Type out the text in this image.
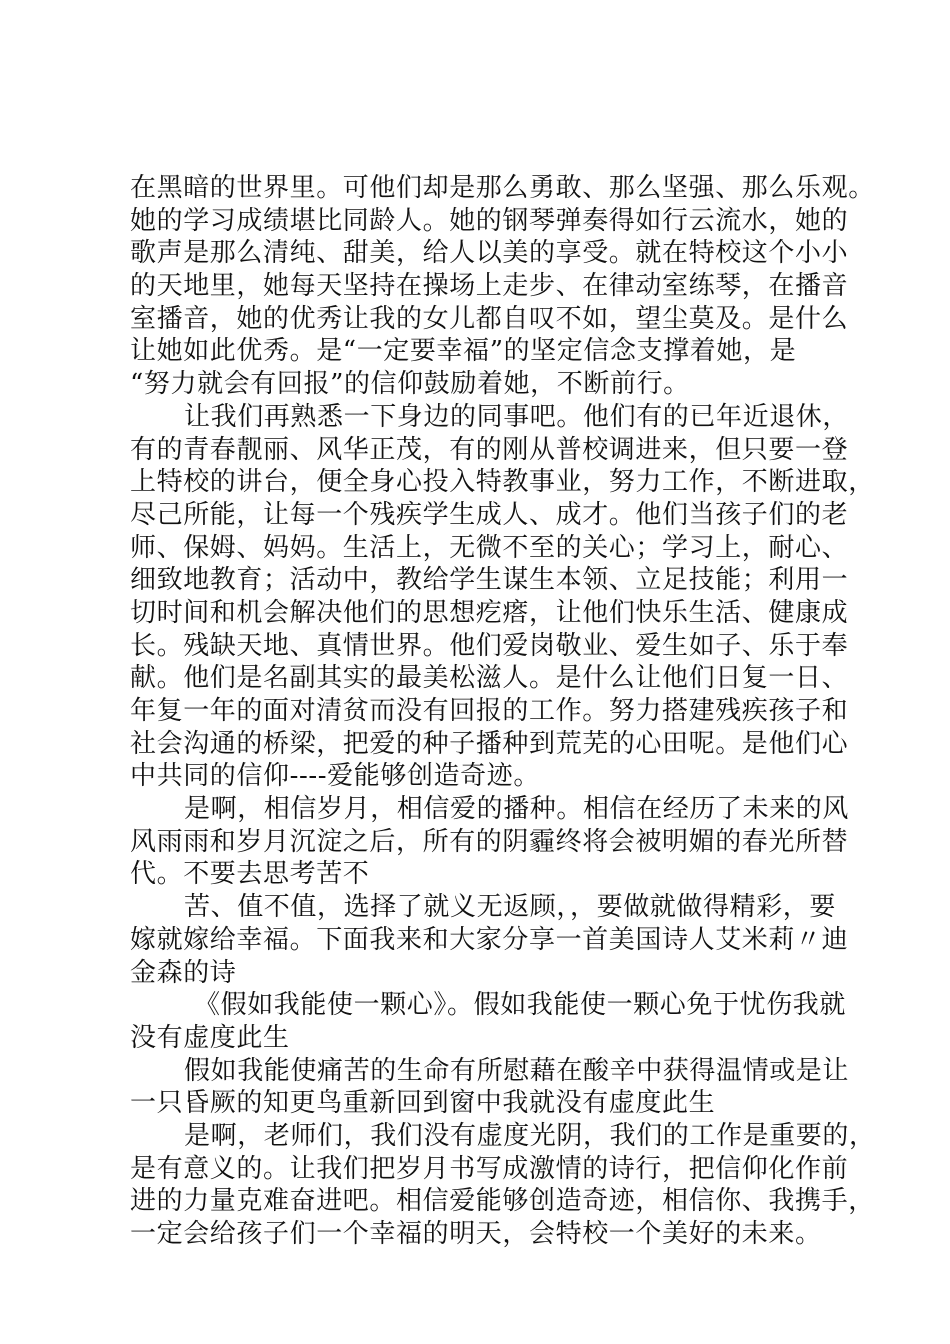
在黑暗的世界里。可他们却是那么勇敢、那么坚强、那么乐观。
她的学习成绩堪比同龄人。她的钢琴弹奏得如行云流水，她的
歌声是那么清纯、甜美，给人以美的享受。就在特校这个小小
的天地里，她每天坚持在操场上走步、在律动室练琴，在播音
室播音，她的优秀让我的女儿都自叹不如，望尘莫及。是什么
让她如此优秀。是“一定要幸福”的坚定信念支撑着她，是
“努力就会有回报”的信仰鼓励着她，不断前行。
让我们再熟悉一下身边的同事吧。他们有的已年近退休，
有的青春靓丽、风华正茂，有的刚从普校调进来，但只要一登
上特校的讲台，便全身心投入特教事业，努力工作，不断进取，
尽己所能，让每一个残疾学生成人、成才。他们当孩子们的老
师、保姆、妈妈。生活上，无微不至的关心；学习上，耐心、
细致地教育；活动中，教给学生谋生本领、立足技能；利用一
切时间和机会解决他们的思想疙瘩，让他们快乐生活、健康成
长。残缺天地、真情世界。他们爱岗敬业、爱生如子、乐于奉
献。他们是名副其实的最美松滋人。是什么让他们日复一日、
年复一年的面对清贫而没有回报的工作。努力搭建残疾孩子和
社会沟通的桥梁，把爱的种子播种到荒芜的心田呢。是他们心
中共同的信仰----爱能够创造奇迹。
是啊，相信岁月，相信爱的播种。相信在经历了未来的风
风雨雨和岁月沉淀之后，所有的阴霾终将会被明媚的春光所替
代。不要去思考苦不
苦、值不值，选择了就义无返顾，，要做就做得精彩，要
嫁就嫁给幸福。下面我来和大家分享一首美国诗人艾米莉〃迪
金森的诗
《假如我能使一颗心》。假如我能使一颗心免于忧伤我就
没有虚度此生
假如我能使痛苦的生命有所慰藉在酸辛中获得温情或是让
一只昏厥的知更鸟重新回到窗中我就没有虚度此生
是啊，老师们，我们没有虚度光阴，我们的工作是重要的，
是有意义的。让我们把岁月书写成激情的诗行，把信仰化作前
进的力量克难奋进吧。相信爱能够创造奇迹，相信你、我携手，
一定会给孩子们一个幸福的明天，会特校一个美好的未来。
